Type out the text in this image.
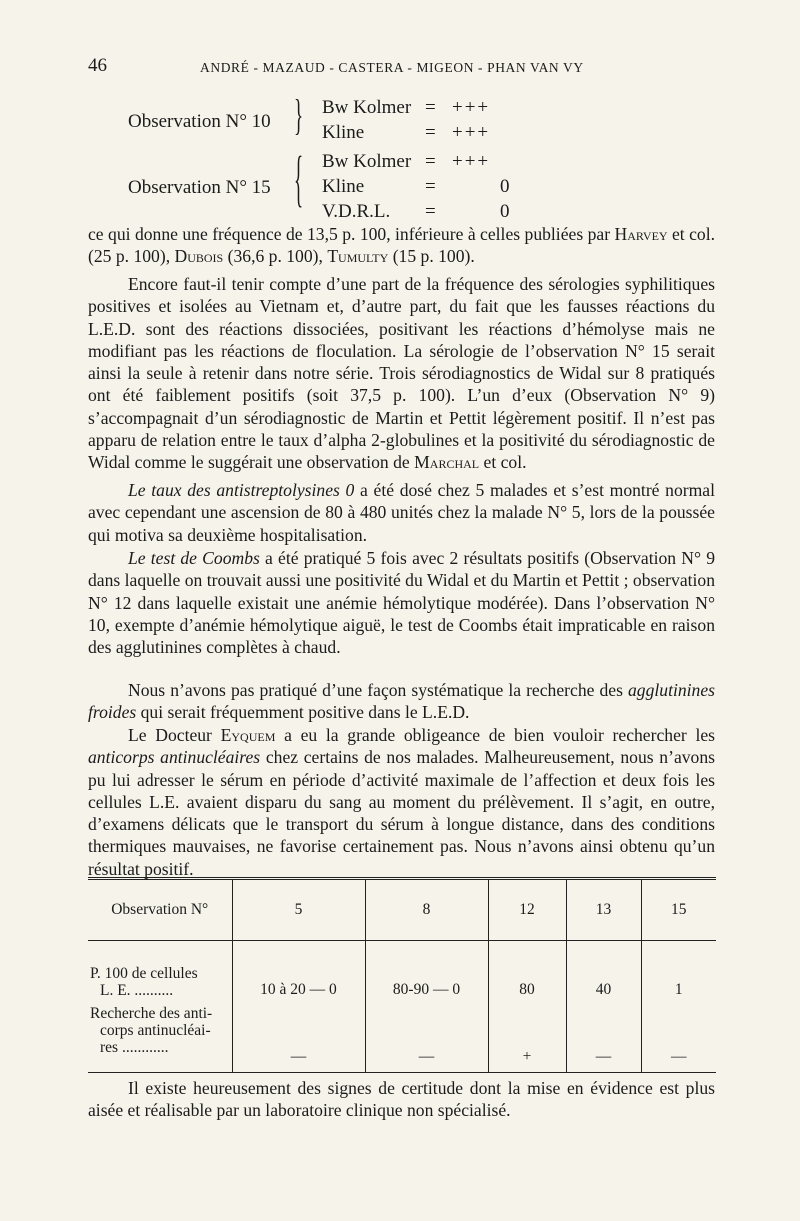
46	ANDRÉ - MAZAUD - CASTERA - MIGEON - PHAN VAN VY
Observation N° 10 } Bw Kolmer = +++
Kline	= +++
Observation N° 15 { Bw Kolmer = +++
Kline	=	0
V.D.R.L. =	0

ce qui donne une fréquence de 13,5 p. 100, inférieure à celles publiées par Harvey et col. (25 p. 100), Dubois (36,6 p. 100), Tumulty (15 p. 100).

Encore faut-il tenir compte d’une part de la fréquence des sérologies syphilitiques positives et isolées au Vietnam et, d’autre part, du fait que les fausses réactions du L.E.D. sont des réactions dissociées, positivant les réactions d’hémolyse mais ne modifiant pas les réactions de floculation. La sérologie de l’observation N° 15 serait ainsi la seule à retenir dans notre série. Trois sérodiagnostics de Widal sur 8 pratiqués ont été faiblement positifs (soit 37,5 p. 100). L’un d’eux (Observation N° 9) s’accompagnait d’un sérodiagnostic de Martin et Pettit légèrement positif. Il n’est pas apparu de relation entre le taux d’alpha 2-globulines et la positivité du sérodiagnostic de Widal comme le suggérait une observation de Marchal et col.

Le taux des antistreptolysines 0 a été dosé chez 5 malades et s’est montré normal avec cependant une ascension de 80 à 480 unités chez la malade N° 5, lors de la poussée qui motiva sa deuxième hospitalisation.

Le test de Coombs a été pratiqué 5 fois avec 2 résultats positifs (Observation N° 9 dans laquelle on trouvait aussi une positivité du Widal et du Martin et Pettit ; observation N° 12 dans laquelle existait une anémie hémolytique modérée). Dans l’observation N° 10, exempte d’anémie hémolytique aiguë, le test de Coombs était impraticable en raison des agglutinines complètes à chaud.

Nous n’avons pas pratiqué d’une façon systématique la recherche des agglutinines froides qui serait fréquemment positive dans le L.E.D.

Le Docteur Eyquem a eu la grande obligeance de bien vouloir rechercher les anticorps antinucléaires chez certains de nos malades. Malheureusement, nous n’avons pu lui adresser le sérum en période d’activité maximale de l’affection et deux fois les cellules L.E. avaient disparu du sang au moment du prélèvement. Il s’agit, en outre, d’examens délicats que le transport du sérum à longue distance, dans des conditions thermiques mauvaises, ne favorise certainement pas. Nous n’avons ainsi obtenu qu’un résultat positif.

Observation N°	5	8	12	13	15

P. 100 de cellules
L. E. ..........	10 à 20 — 0	80-90 — 0	80	40	1

Recherche des anti-
corps antinucléai-
res ............	—	—	+	—	—

Il existe heureusement des signes de certitude dont la mise en évidence est plus aisée et réalisable par un laboratoire clinique non spécialisé.
